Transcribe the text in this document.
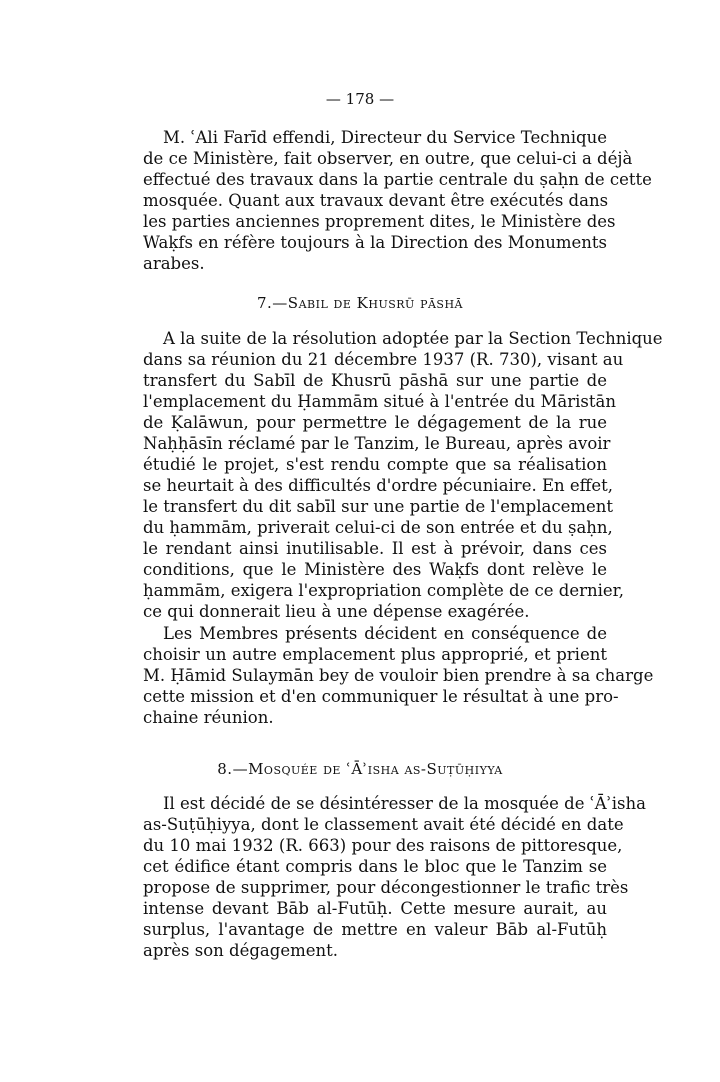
— 178 —
M. ʿAli Farīd effendi, Directeur du Service Technique
de ce Ministère, fait observer, en outre, que celui-ci a déjà
effectué des travaux dans la partie centrale du ṣaḥn de cette
mosquée. Quant aux travaux devant être exécutés dans
les parties anciennes proprement dites, le Ministère des
Waḳfs en réfère toujours à la Direction des Monuments
arabes.
7.—Sabil de Khusrū pāshā
A la suite de la résolution adoptée par la Section Technique
dans sa réunion du 21 décembre 1937 (R. 730), visant au
transfert du Sabīl de Khusrū pāshā sur une partie de
l'emplacement du Ḥammām situé à l'entrée du Māristān
de Ḳalāwun, pour permettre le dégagement de la rue
Naḥḥāsīn réclamé par le Tanzim, le Bureau, après avoir
étudié le projet, s'est rendu compte que sa réalisation
se heurtait à des difficultés d'ordre pécuniaire. En effet,
le transfert du dit sabīl sur une partie de l'emplacement
du ḥammām, priverait celui-ci de son entrée et du ṣaḥn,
le rendant ainsi inutilisable. Il est à prévoir, dans ces
conditions, que le Ministère des Waḳfs dont relève le
ḥammām, exigera l'expropriation complète de ce dernier,
ce qui donnerait lieu à une dépense exagérée.
Les Membres présents décident en conséquence de
choisir un autre emplacement plus approprié, et prient
M. Ḥāmid Sulaymān bey de vouloir bien prendre à sa charge
cette mission et d'en communiquer le résultat à une pro-
chaine réunion.
8.—Mosquée de ʿĀʾisha as-Suṭūḥiyya
Il est décidé de se désintéresser de la mosquée de ʿĀʾisha
as-Suṭūḥiyya, dont le classement avait été décidé en date
du 10 mai 1932 (R. 663) pour des raisons de pittoresque,
cet édifice étant compris dans le bloc que le Tanzim se
propose de supprimer, pour décongestionner le trafic très
intense devant Bāb al-Futūḥ. Cette mesure aurait, au
surplus, l'avantage de mettre en valeur Bāb al-Futūḥ
après son dégagement.
